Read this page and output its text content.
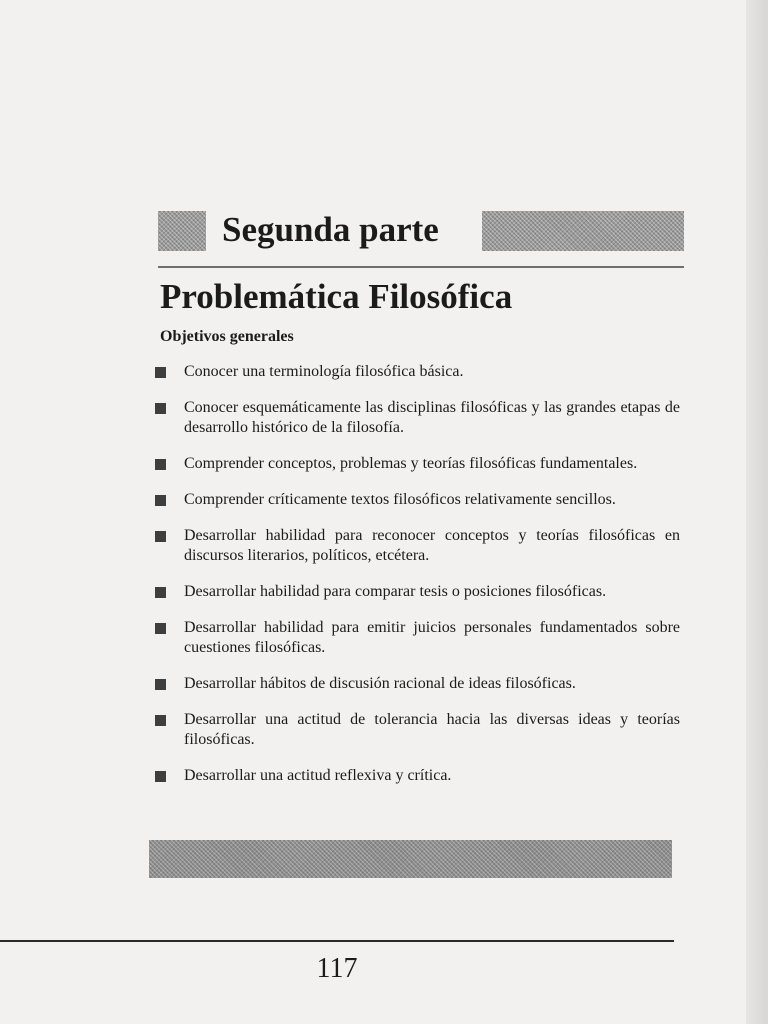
Segunda parte
Problemática Filosófica
Objetivos generales
Conocer una terminología filosófica básica.
Conocer esquemáticamente las disciplinas filosóficas y las grandes etapas de desarrollo histórico de la filosofía.
Comprender conceptos, problemas y teorías filosóficas fundamentales.
Comprender críticamente textos filosóficos relativamente sencillos.
Desarrollar habilidad para reconocer conceptos y teorías filosóficas en discursos literarios, políticos, etcétera.
Desarrollar habilidad para comparar tesis o posiciones filosóficas.
Desarrollar habilidad para emitir juicios personales fundamentados sobre cuestiones filosóficas.
Desarrollar hábitos de discusión racional de ideas filosóficas.
Desarrollar una actitud de tolerancia hacia las diversas ideas y teorías filosóficas.
Desarrollar una actitud reflexiva y crítica.
117
